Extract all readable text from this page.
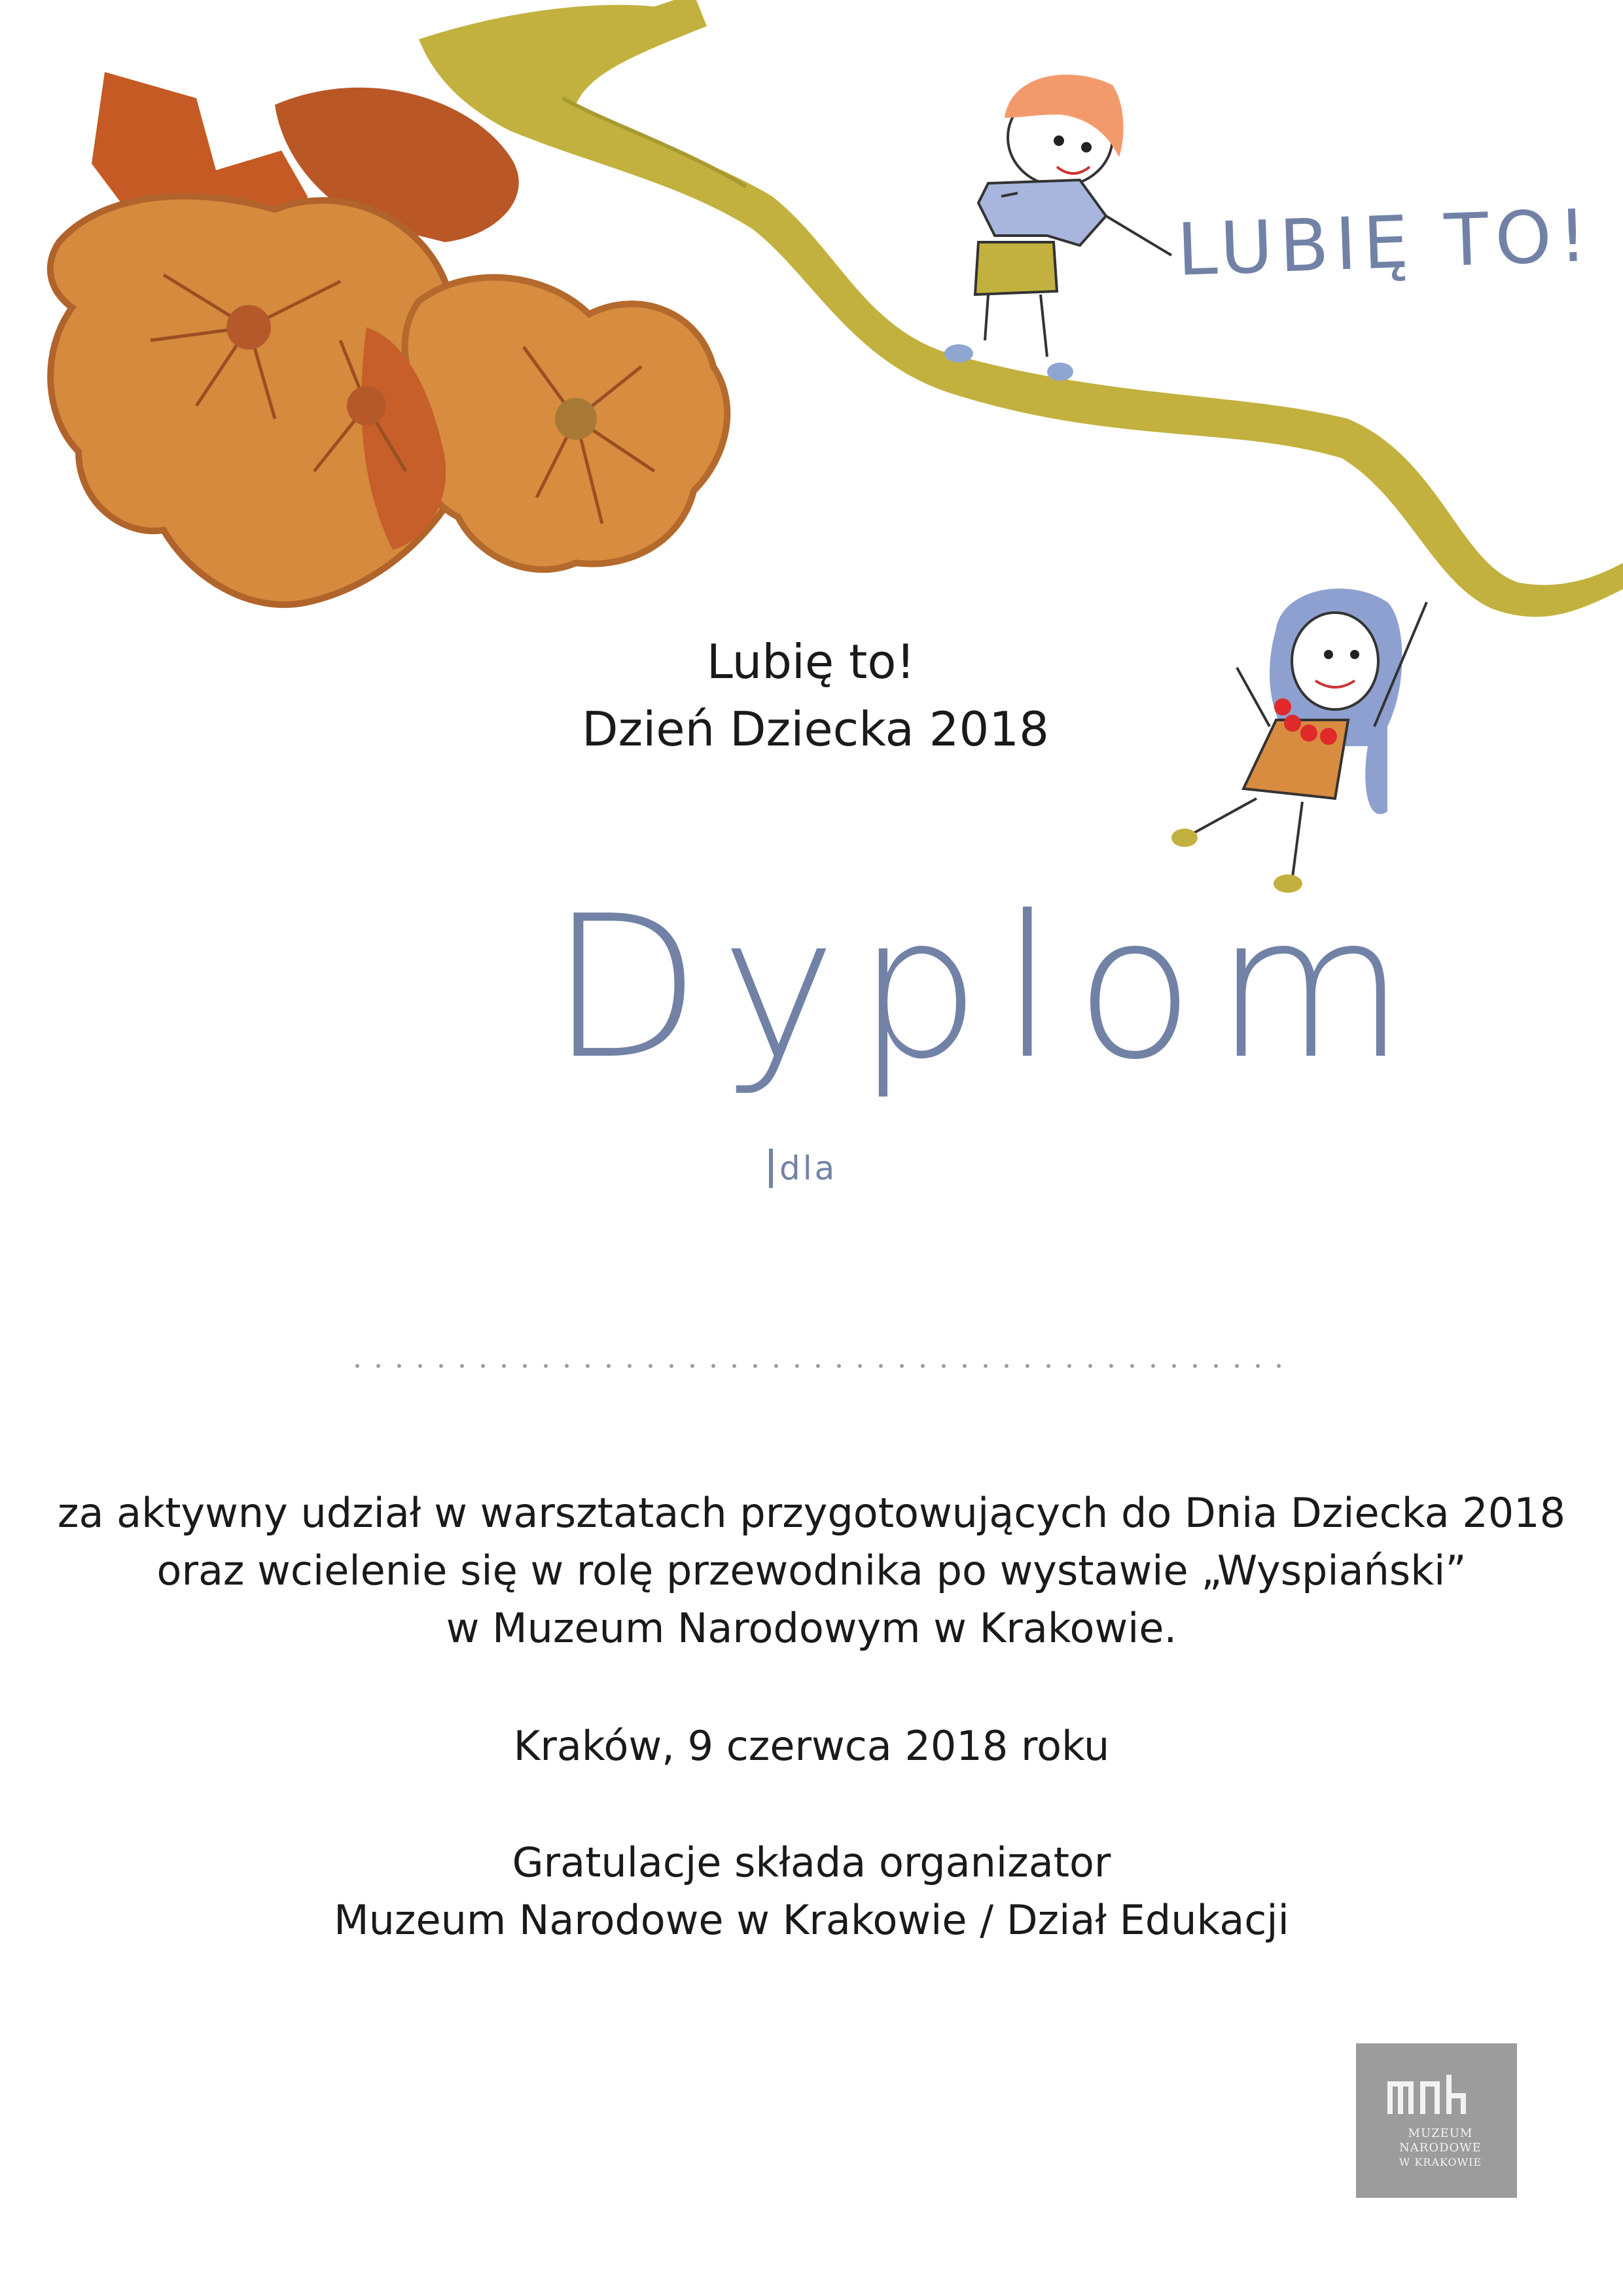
LUBIĘ TO!
Lubię to!
Dzień Dziecka 2018
Dyplom
dla
za aktywny udział w warsztatach przygotowujących do Dnia Dziecka 2018
oraz wcielenie się w rolę przewodnika po wystawie „Wyspiański”
w Muzeum Narodowym w Krakowie.
Kraków, 9 czerwca 2018 roku
Gratulacje składa organizator
Muzeum Narodowe w Krakowie / Dział Edukacji
MUZEUM
NARODOWE
W KRAKOWIE
